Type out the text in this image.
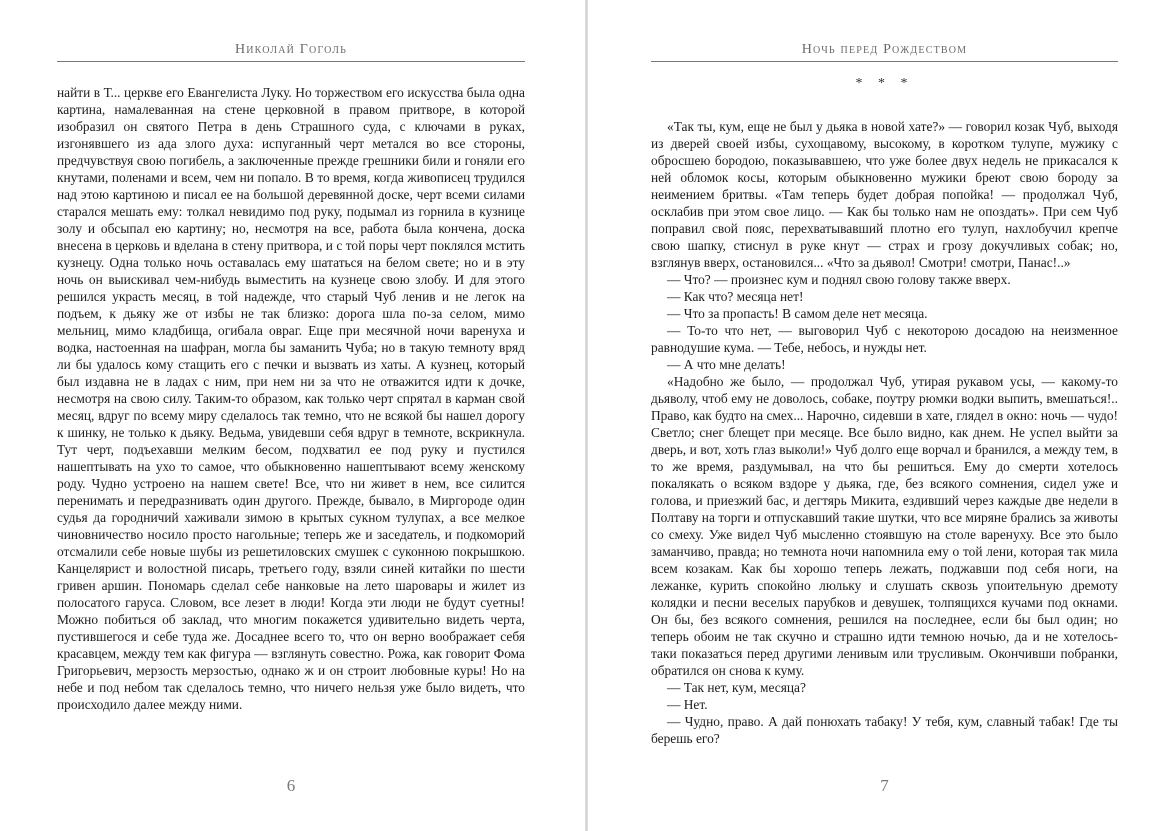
Николай Гоголь

найти в Т... церкве его Евангелиста Луку. Но торжеством его искусства была одна картина, намалеванная на стене церковной в правом притворе, в которой изобразил он святого Петра в день Страшного суда, с ключами в руках, изгонявшего из ада злого духа: испуганный черт метался во все стороны, предчувствуя свою погибель, а заключенные прежде грешники били и гоняли его кнутами, поленами и всем, чем ни попало. В то время, когда живописец трудился над этою картиною и писал ее на большой деревянной доске, черт всеми силами старался мешать ему: толкал невидимо под руку, подымал из горнила в кузнице золу и обсыпал ею картину; но, несмотря на все, работа была кончена, доска внесена в церковь и вделана в стену притвора, и с той поры черт поклялся мстить кузнецу. Одна только ночь оставалась ему шататься на белом свете; но и в эту ночь он выискивал чем-нибудь выместить на кузнеце свою злобу. И для этого решился украсть месяц, в той надежде, что старый Чуб ленив и не легок на подъем, к дьяку же от избы не так близко: дорога шла по-за селом, мимо мельниц, мимо кладбища, огибала овраг. Еще при месячной ночи варенуха и водка, настоенная на шафран, могла бы заманить Чуба; но в такую темноту вряд ли бы удалось кому стащить его с печки и вызвать из хаты. А кузнец, который был издавна не в ладах с ним, при нем ни за что не отважится идти к дочке, несмотря на свою силу. Таким-то образом, как только черт спрятал в карман свой месяц, вдруг по всему миру сделалось так темно, что не всякой бы нашел дорогу к шинку, не только к дьяку. Ведьма, увидевши себя вдруг в темноте, вскрикнула. Тут черт, подъехавши мелким бесом, подхватил ее под руку и пустился нашептывать на ухо то самое, что обыкновенно нашептывают всему женскому роду. Чудно устроено на нашем свете! Все, что ни живет в нем, все силится перенимать и передразнивать один другого. Прежде, бывало, в Миргороде один судья да городничий хаживали зимою в крытых сукном тулупах, а все мелкое чиновничество носило просто нагольные; теперь же и заседатель, и подкоморий отсмалили себе новые шубы из решетиловских смушек с суконною покрышкою. Канцелярист и волостной писарь, третьего году, взяли синей китайки по шести гривен аршин. Пономарь сделал себе нанковые на лето шаровары и жилет из полосатого гаруса. Словом, все лезет в люди! Когда эти люди не будут суетны! Можно побиться об заклад, что многим покажется удивительно видеть черта, пустившегося и себе туда же. Досаднее всего то, что он верно воображает себя красавцем, между тем как фигура — взглянуть совестно. Рожа, как говорит Фома Григорьевич, мерзость мерзостью, однако ж и он строит любовные куры! Но на небе и под небом так сделалось темно, что ничего нельзя уже было видеть, что происходило далее между ними.

6
Ночь перед Рождеством
* * *

«Так ты, кум, еще не был у дьяка в новой хате?» — говорил козак Чуб, выходя из дверей своей избы, сухощавому, высокому, в коротком тулупе, мужику с обросшею бородою, показывавшею, что уже более двух недель не прикасался к ней обломок косы, которым обыкновенно мужики бреют свою бороду за неимением бритвы. «Там теперь будет добрая попойка! — продолжал Чуб, осклабив при этом свое лицо. — Как бы только нам не опоздать». При сем Чуб поправил свой пояс, перехватывавший плотно его тулуп, нахлобучил крепче свою шапку, стиснул в руке кнут — страх и грозу докучливых собак; но, взглянув вверх, остановился... «Что за дьявол! Смотри! смотри, Панас!..»

— Что? — произнес кум и поднял свою голову также вверх.

— Как что? месяца нет!

— Что за пропасть! В самом деле нет месяца.

— То-то что нет, — выговорил Чуб с некоторою досадою на неизменное равнодушие кума. — Тебе, небось, и нужды нет.

— А что мне делать!

«Надобно же было, — продолжал Чуб, утирая рукавом усы, — какому-то дьяволу, чтоб ему не доволось, собаке, поутру рюмки водки выпить, вмешаться!.. Право, как будто на смех... Нарочно, сидевши в хате, глядел в окно: ночь — чудо! Светло; снег блещет при месяце. Все было видно, как днем. Не успел выйти за дверь, и вот, хоть глаз выколи!» Чуб долго еще ворчал и бранился, а между тем, в то же время, раздумывал, на что бы решиться. Ему до смерти хотелось покалякать о всяком вздоре у дьяка, где, без всякого сомнения, сидел уже и голова, и приезжий бас, и дегтярь Микита, ездивший через каждые две недели в Полтаву на торги и отпускавший такие шутки, что все миряне брались за животы со смеху. Уже видел Чуб мысленно стоявшую на столе варенуху. Все это было заманчиво, правда; но темнота ночи напомнила ему о той лени, которая так мила всем козакам. Как бы хорошо теперь лежать, поджавши под себя ноги, на лежанке, курить спокойно люльку и слушать сквозь упоительную дремоту колядки и песни веселых парубков и девушек, толпящихся кучами под окнами. Он бы, без всякого сомнения, решился на последнее, если бы был один; но теперь обоим не так скучно и страшно идти темною ночью, да и не хотелось-таки показаться перед другими ленивым или трусливым. Окончивши побранки, обратился он снова к куму.

— Так нет, кум, месяца?

— Нет.

— Чудно, право. А дай понюхать табаку! У тебя, кум, славный табак! Где ты берешь его?

7
